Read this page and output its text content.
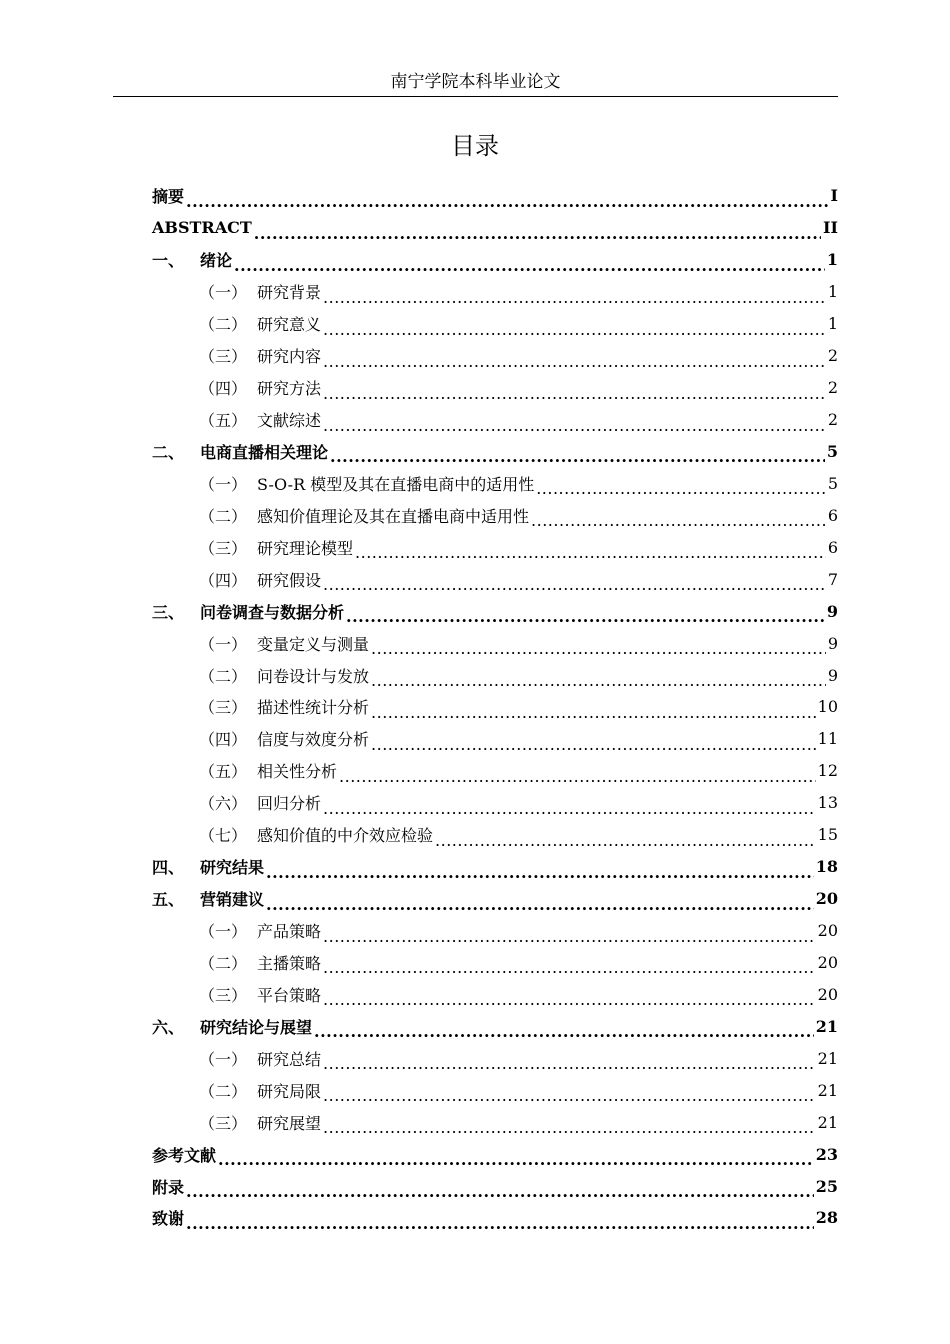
南宁学院本科毕业论文
目录
摘要 .....	I
ABSTRACT .....	II
一、 绪论 .....	1
（一） 研究背景 .....	1
（二） 研究意义 .....	1
（三） 研究内容 .....	2
（四） 研究方法 .....	2
（五） 文献综述 .....	2
二、 电商直播相关理论 .....	5
（一） S-O-R 模型及其在直播电商中的适用性 .....	5
（二） 感知价值理论及其在直播电商中适用性 .....	6
（三） 研究理论模型 .....	6
（四） 研究假设 .....	7
三、 问卷调查与数据分析 .....	9
（一） 变量定义与测量 .....	9
（二） 问卷设计与发放 .....	9
（三） 描述性统计分析 .....	10
（四） 信度与效度分析 .....	11
（五） 相关性分析 .....	12
（六） 回归分析 .....	13
（七） 感知价值的中介效应检验 .....	15
四、 研究结果 .....	18
五、 营销建议 .....	20
（一） 产品策略 .....	20
（二） 主播策略 .....	20
（三） 平台策略 .....	20
六、 研究结论与展望 .....	21
（一） 研究总结 .....	21
（二） 研究局限 .....	21
（三） 研究展望 .....	21
参考文献 .....	23
附录 .....	25
致谢 .....	28
